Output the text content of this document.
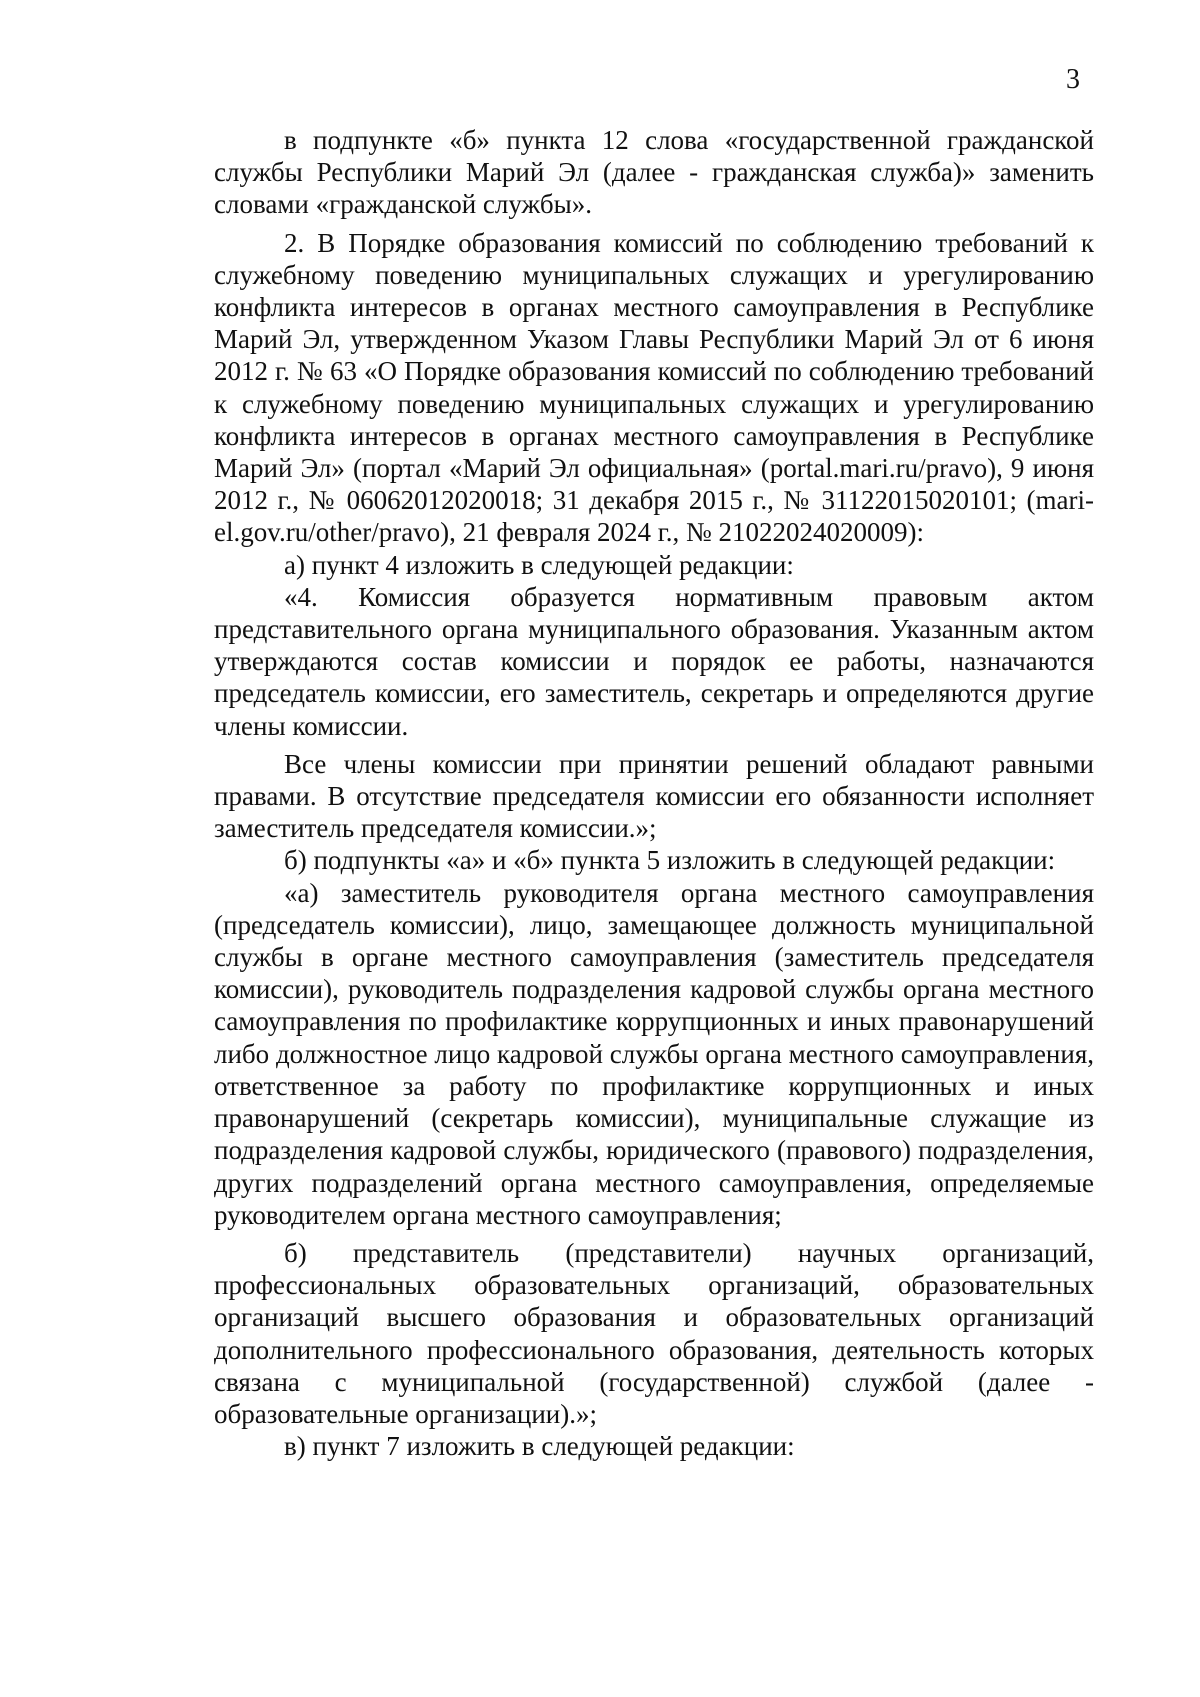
3

в подпункте «б» пункта 12 слова «государственной гражданской службы Республики Марий Эл (далее - гражданская служба)» заменить словами «гражданской службы».

2. В Порядке образования комиссий по соблюдению требований к служебному поведению муниципальных служащих и урегулированию конфликта интересов в органах местного самоуправления в Республике Марий Эл, утвержденном Указом Главы Республики Марий Эл от 6 июня 2012 г. № 63 «О Порядке образования комиссий по соблюдению требований к служебному поведению муниципальных служащих и урегулированию конфликта интересов в органах местного самоуправления в Республике Марий Эл» (портал «Марий Эл официальная» (portal.mari.ru/pravo), 9 июня 2012 г., № 06062012020018; 31 декабря 2015 г., № 31122015020101; (mari-el.gov.ru/other/pravo), 21 февраля 2024 г., № 21022024020009):

а) пункт 4 изложить в следующей редакции:

«4. Комиссия образуется нормативным правовым актом представительного органа муниципального образования. Указанным актом утверждаются состав комиссии и порядок ее работы, назначаются председатель комиссии, его заместитель, секретарь и определяются другие члены комиссии.

Все члены комиссии при принятии решений обладают равными правами. В отсутствие председателя комиссии его обязанности исполняет заместитель председателя комиссии.»;

б) подпункты «а» и «б» пункта 5 изложить в следующей редакции:

«а) заместитель руководителя органа местного самоуправления (председатель комиссии), лицо, замещающее должность муниципальной службы в органе местного самоуправления (заместитель председателя комиссии), руководитель подразделения кадровой службы органа местного самоуправления по профилактике коррупционных и иных правонарушений либо должностное лицо кадровой службы органа местного самоуправления, ответственное за работу по профилактике коррупционных и иных правонарушений (секретарь комиссии), муниципальные служащие из подразделения кадровой службы, юридического (правового) подразделения, других подразделений органа местного самоуправления, определяемые руководителем органа местного самоуправления;

б) представитель (представители) научных организаций, профессиональных образовательных организаций, образовательных организаций высшего образования и образовательных организаций дополнительного профессионального образования, деятельность которых связана с муниципальной (государственной) службой (далее - образовательные организации).»;

в) пункт 7 изложить в следующей редакции:
